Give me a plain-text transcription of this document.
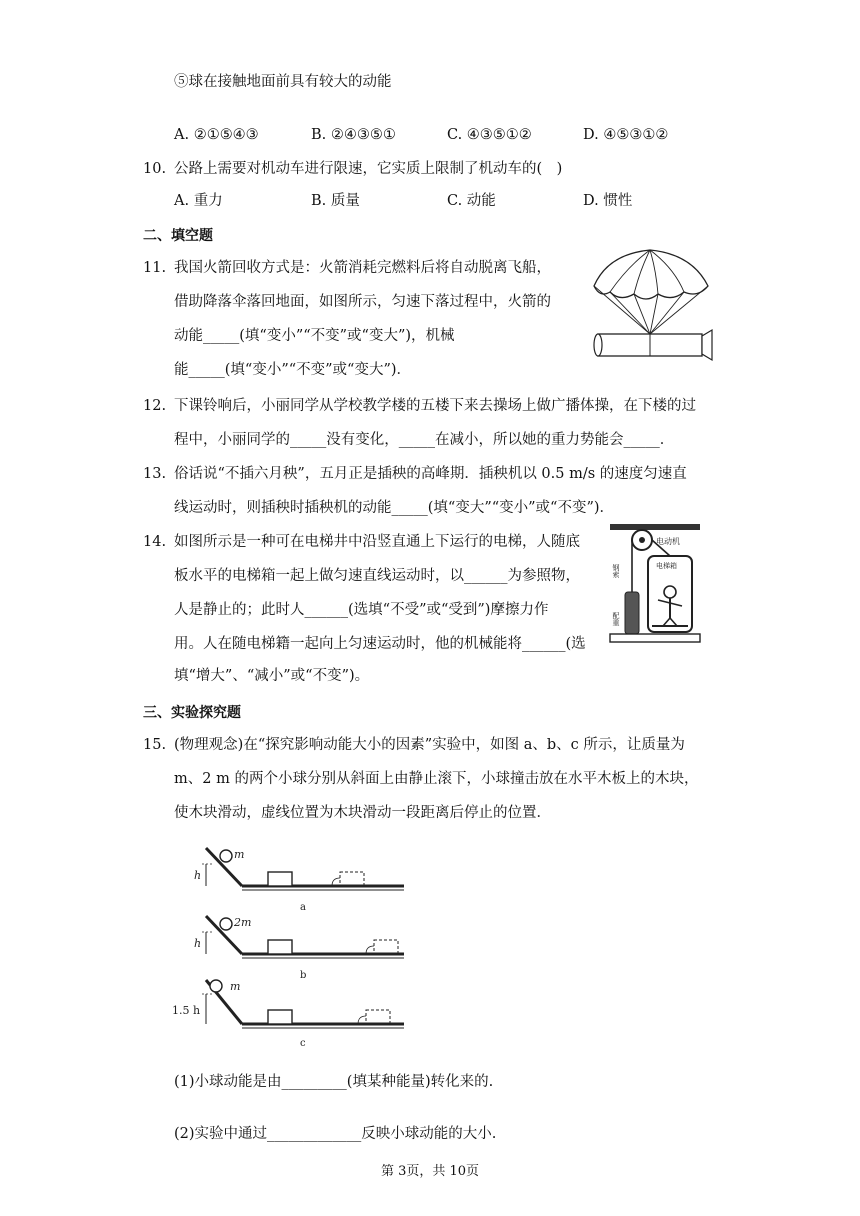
⑤球在接触地面前具有较大的动能
A. ②①⑤④③	B. ②④③⑤①	C. ④③⑤①②	D. ④⑤③①②
10. 公路上需要对机动车进行限速，它实质上限制了机动车的( )
A. 重力	B. 质量	C. 动能	D. 惯性
二、填空题
11. 我国火箭回收方式是：火箭消耗完燃料后将自动脱离飞船，
借助降落伞落回地面，如图所示，匀速下落过程中，火箭的
动能_____(填“变小”“不变”或“变大”)，机械
能_____(填“变小”“不变”或“变大”)．
12. 下课铃响后，小丽同学从学校教学楼的五楼下来去操场上做广播体操，在下楼的过
程中，小丽同学的_____没有变化，_____在减小，所以她的重力势能会_____．
13. 俗话说“不插六月秧”，五月正是插秧的高峰期．插秧机以 0.5 m/s 的速度匀速直
线运动时，则插秧时插秧机的动能_____(填“变大”“变小”或“不变”)．
14. 如图所示是一种可在电梯井中沿竖直通上下运行的电梯，人随底
板水平的电梯箱一起上做匀速直线运动时，以______为参照物，
人是静止的；此时人______(选填“不受”或“受到”)摩擦力作
用。人在随电梯籍一起向上匀速运动时，他的机械能将______(选
填“增大”、“减小”或“不变”)。
电动机
配重
钢索	电梯箱
三、实验探究题
15. (物理观念)在“探究影响动能大小的因素”实验中，如图 a、b、c 所示，让质量为
m、2 m 的两个小球分别从斜面上由静止滚下，小球撞击放在水平木板上的木块，
使木块滑动，虚线位置为木块滑动一段距离后停止的位置．
m
h
a
2m
h
b
m
1.5 h
c
(1)小球动能是由_________(填某种能量)转化来的.
(2)实验中通过_____________反映小球动能的大小.
第 3页，共 10页
